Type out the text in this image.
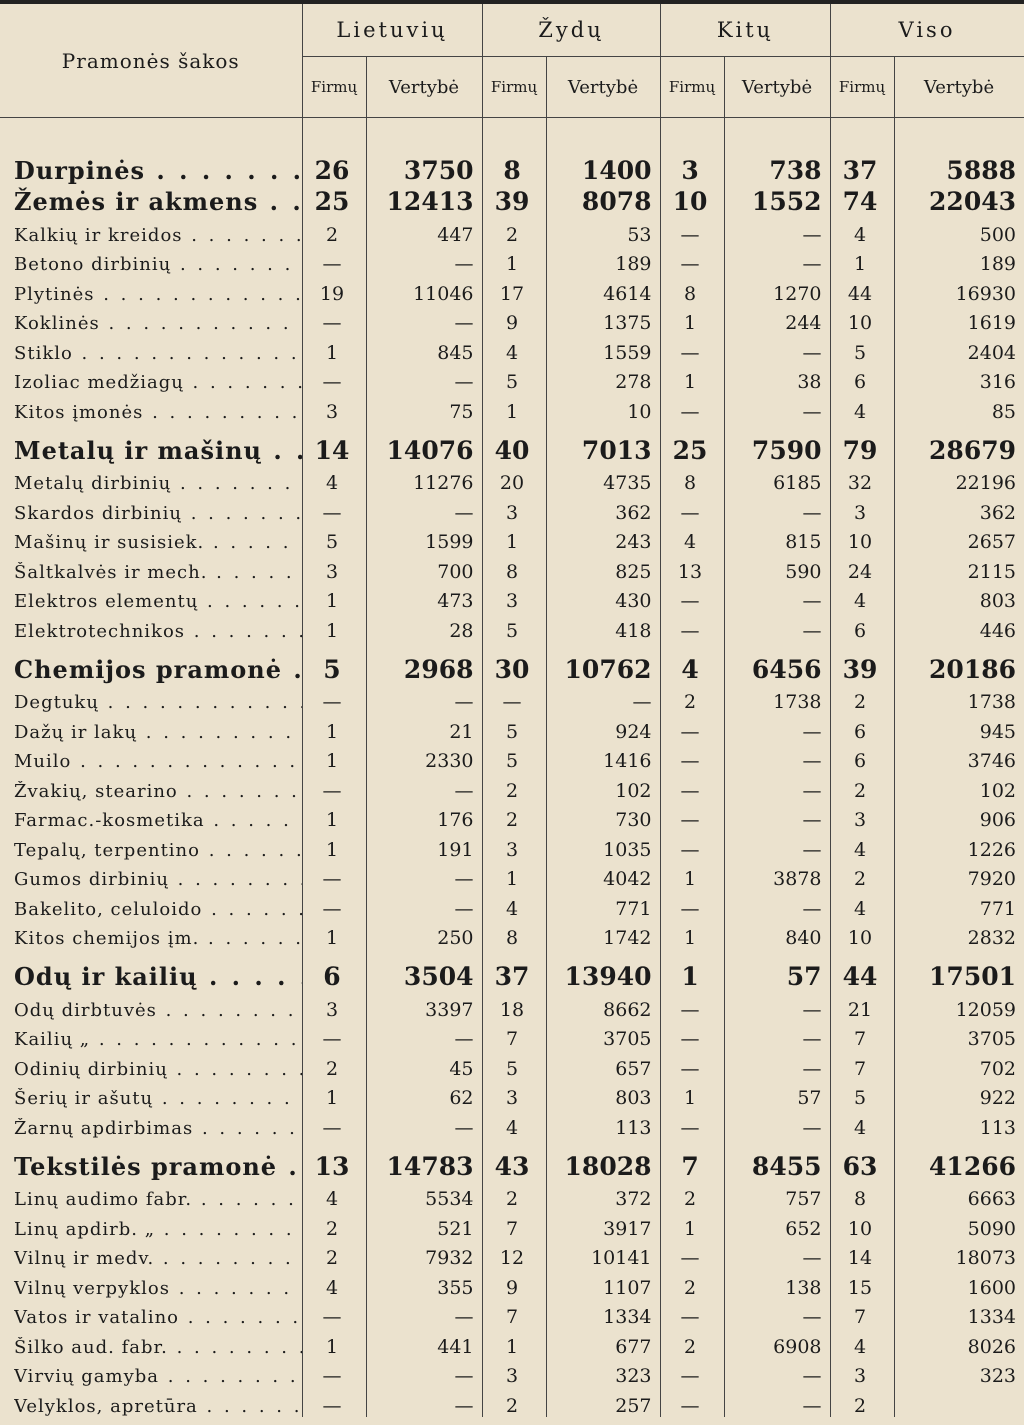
Pramonės šakos	Lietuvių		Žydų		Kitų		Viso	
	Firmų	Vertybė	Firmų	Vertybė	Firmų	Vertybė	Firmų	Vertybė

Durpinės . . .	26	3750	8	1400	3	738	37	5888

Žemės ir akmens . . .	25	12413	39	8078	10	1552	74	22043

Kalkių ir kreidos . . .	2	447	2	53	—	—	4	500

Betono dirbinių . . .	—	—	1	189	—	—	1	189

Plytinės . . .	19	11046	17	4614	8	1270	44	16930

Koklinės . . .	—	—	9	1375	1	244	10	1619

Stiklo . . .	1	845	4	1559	—	—	5	2404

Izoliac medžiagų . . .	—	—	5	278	1	38	6	316

Kitos įmonės . . .	3	75	1	10	—	—	4	85

Metalų ir mašinų . . .	14	14076	40	7013	25	7590	79	28679

Metalų dirbinių . . .	4	11276	20	4735	8	6185	32	22196

Skardos dirbinių . . .	—	—	3	362	—	—	3	362

Mašinų ir susisiek. . . .	5	1599	1	243	4	815	10	2657

Šaltkalvės ir mech. . . .	3	700	8	825	13	590	24	2115

Elektros elementų . . .	1	473	3	430	—	—	4	803

Elektrotechnikos . . .	1	28	5	418	—	—	6	446

Chemijos pramonė . . .	5	2968	30	10762	4	6456	39	20186

Degtukų . . .	—	—	—	—	2	1738	2	1738

Dažų ir lakų . . .	1	21	5	924	—	—	6	945

Muilo . . .	1	2330	5	1416	—	—	6	3746

Žvakių, stearino . . .	—	—	2	102	—	—	2	102

Farmac.-kosmetika . . .	1	176	2	730	—	—	3	906

Tepalų, terpentino . . .	1	191	3	1035	—	—	4	1226

Gumos dirbinių . . .	—	—	1	4042	1	3878	2	7920

Bakelito, celuloido . . .	—	—	4	771	—	—	4	771

Kitos chemijos įm. . . .	1	250	8	1742	1	840	10	2832

Odų ir kailių . . .	6	3504	37	13940	1	57	44	17501

Odų dirbtuvės . . .	3	3397	18	8662	—	—	21	12059

Kailių „ . . .	—	—	7	3705	—	—	7	3705

Odinių dirbinių . . .	2	45	5	657	—	—	7	702

Šerių ir ašutų . . .	1	62	3	803	1	57	5	922

Žarnų apdirbimas . . .	—	—	4	113	—	—	4	113

Tekstilės pramonė . . .	13	14783	43	18028	7	8455	63	41266

Linų audimo fabr. . . .	4	5534	2	372	2	757	8	6663

Linų apdirb. „ . . .	2	521	7	3917	1	652	10	5090

Vilnų ir medv. . . .	2	7932	12	10141	—	—	14	18073

Vilnų verpyklos . . .	4	355	9	1107	2	138	15	1600

Vatos ir vatalino . . .	—	—	7	1334	—	—	7	1334

Šilko aud. fabr. . . .	1	441	1	677	2	6908	4	8026

Virvių gamyba . . .	—	—	3	323	—	—	3	323

Velyklos, apretūra . . .	—	—	2	257	—	—	2	
